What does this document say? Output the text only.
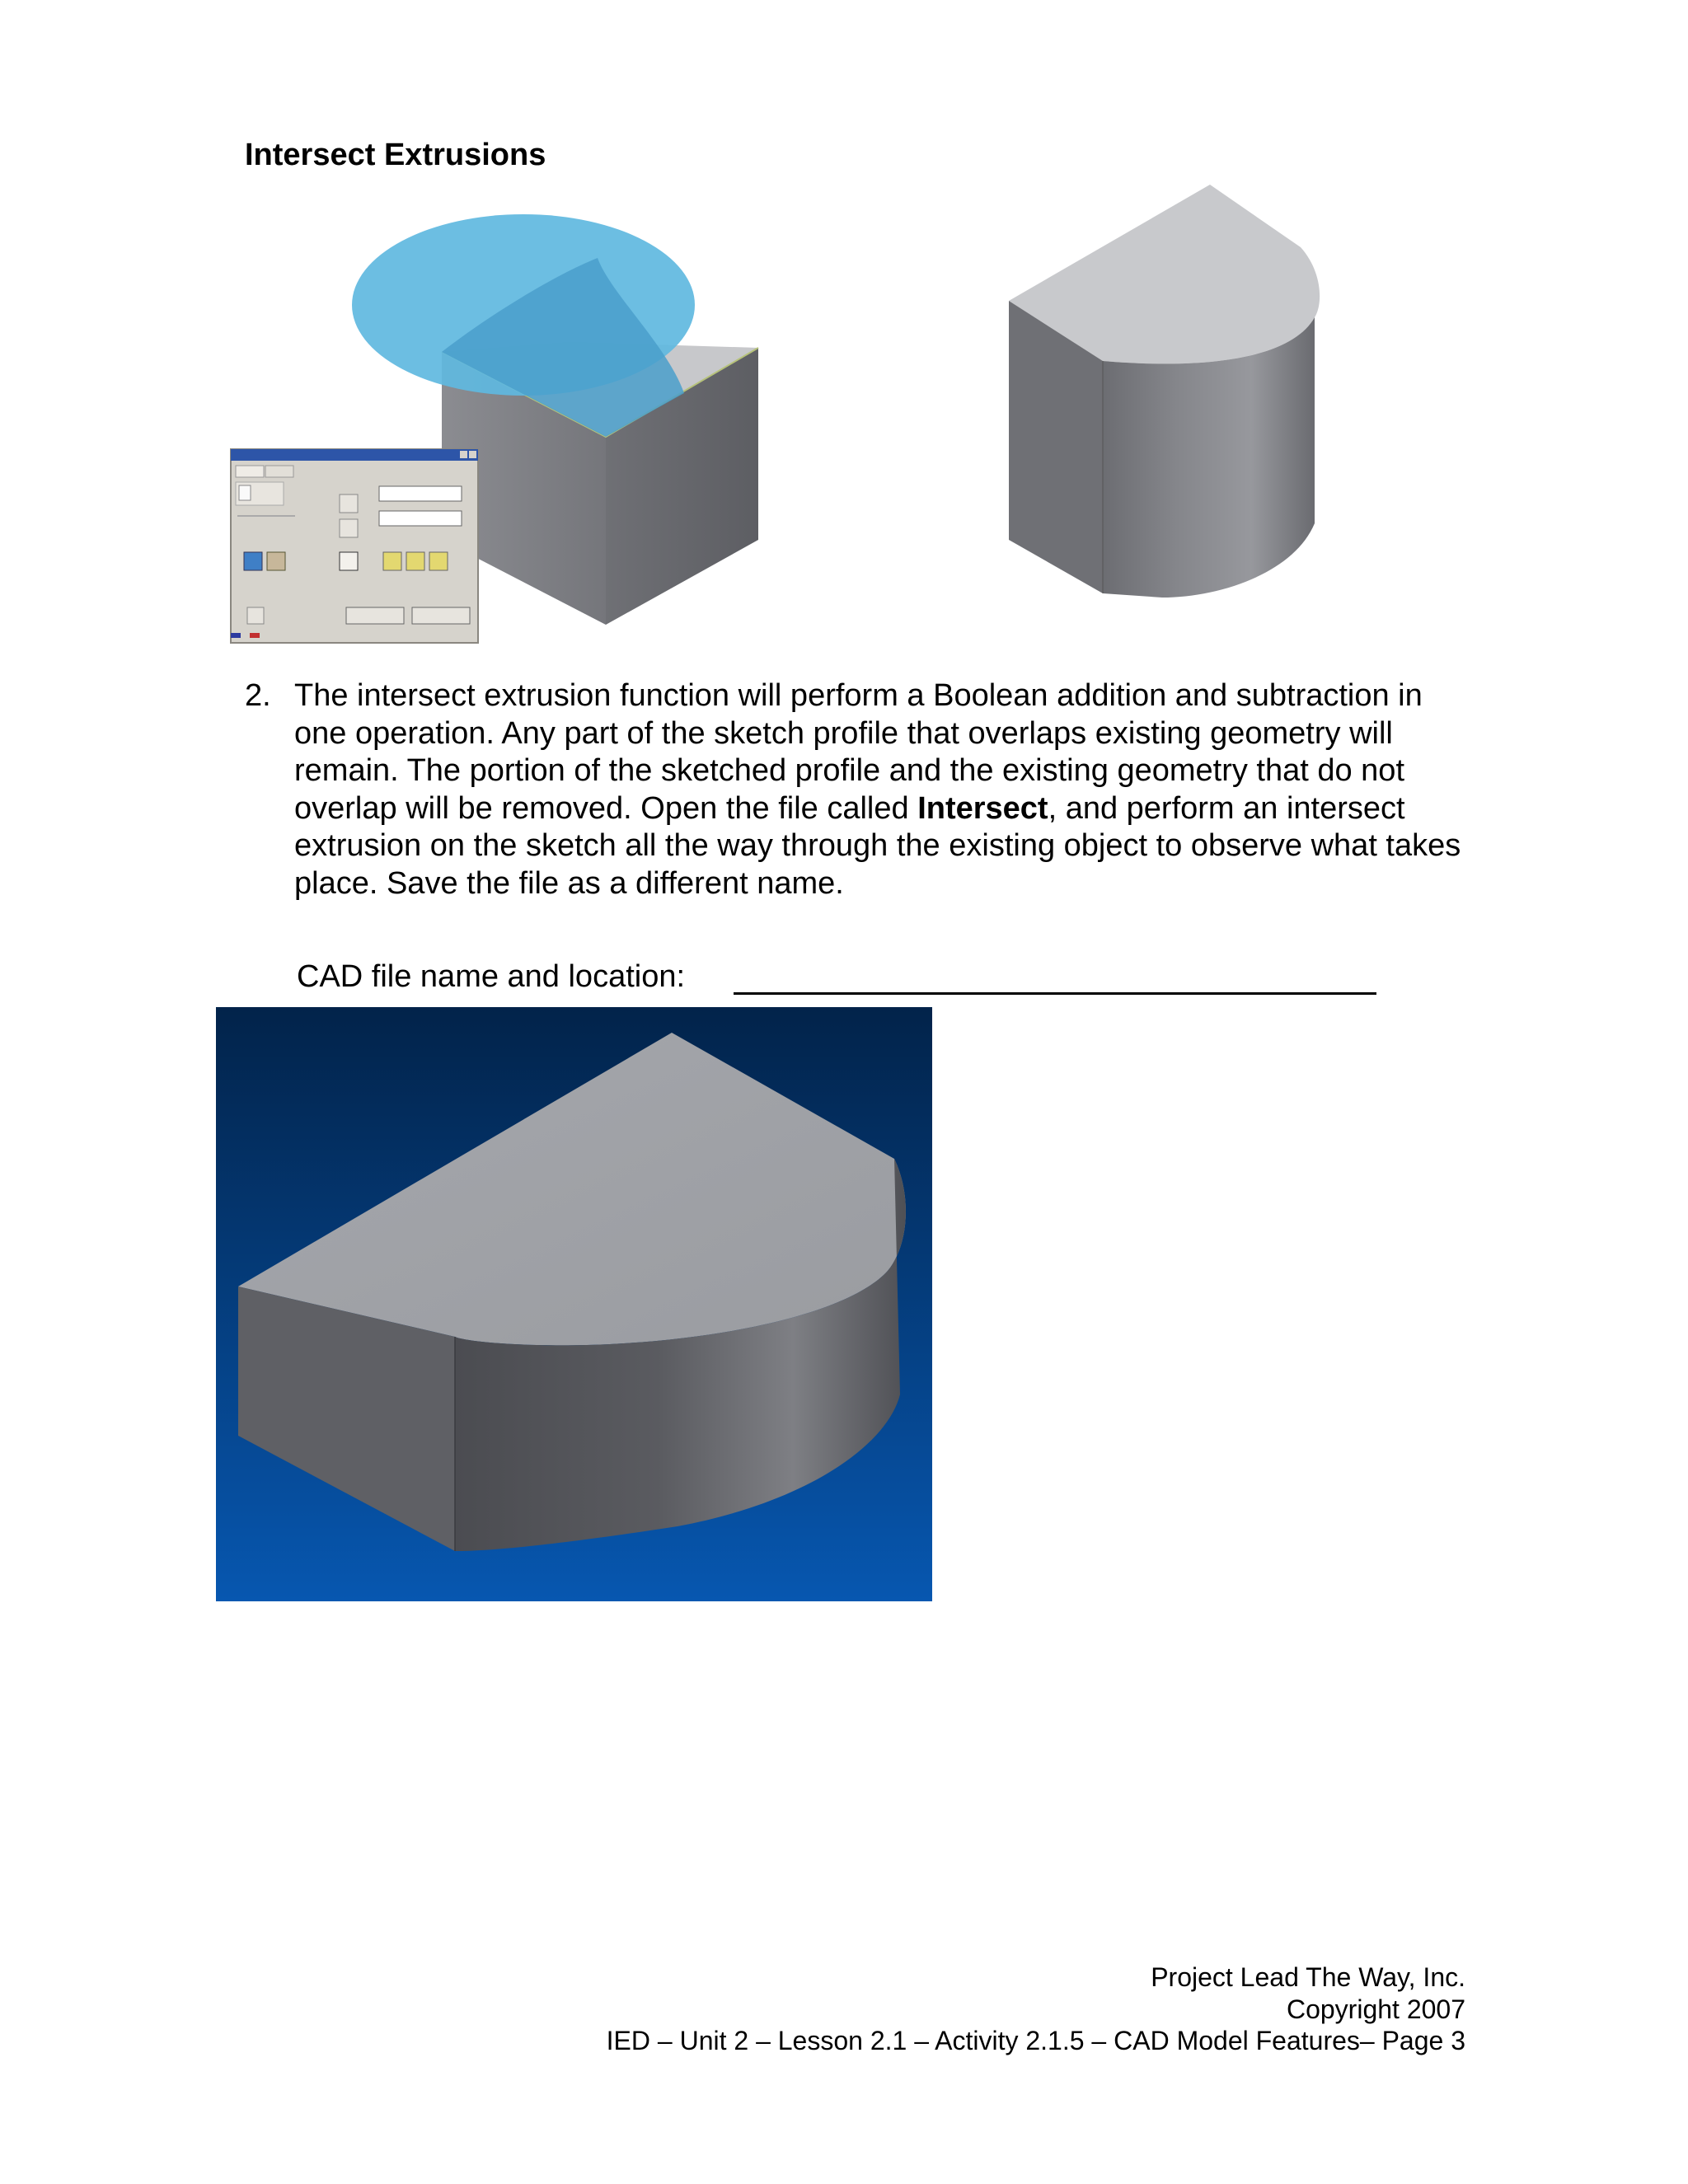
Intersect Extrusions
2. The intersect extrusion function will perform a Boolean addition and subtraction in one operation. Any part of the sketch profile that overlaps existing geometry will remain. The portion of the sketched profile and the existing geometry that do not overlap will be removed. Open the file called Intersect, and perform an intersect extrusion on the sketch all the way through the existing object to observe what takes place. Save the file as a different name.
CAD file name and location:
Project Lead The Way, Inc.
Copyright 2007
IED – Unit 2 – Lesson 2.1 – Activity 2.1.5 – CAD Model Features– Page 3
